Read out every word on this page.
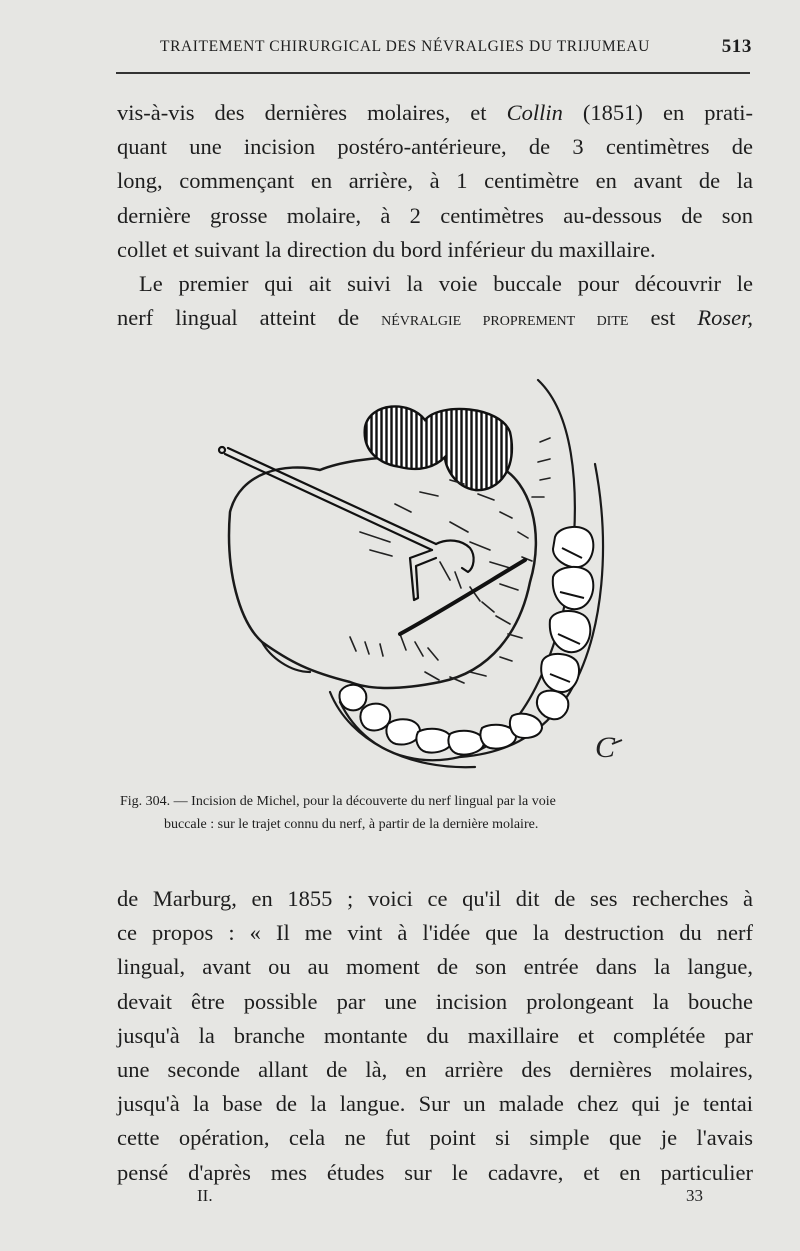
TRAITEMENT CHIRURGICAL DES NÉVRALGIES DU TRIJUMEAU	513
vis-à-vis des dernières molaires, et Collin (1851) en prati-
quant une incision postéro-antérieure, de 3 centimètres de
long, commençant en arrière, à 1 centimètre en avant de la
dernière grosse molaire, à 2 centimètres au-dessous de son
collet et suivant la direction du bord inférieur du maxillaire.
Le premier qui ait suivi la voie buccale pour découvrir le
nerf lingual atteint de névralgie proprement dite est Roser,
C
Fig. 304. — Incision de Michel, pour la découverte du nerf lingual par la voie
buccale : sur le trajet connu du nerf, à partir de la dernière molaire.
de Marburg, en 1855 ; voici ce qu'il dit de ses recherches à
ce propos : « Il me vint à l'idée que la destruction du nerf
lingual, avant ou au moment de son entrée dans la langue,
devait être possible par une incision prolongeant la bouche
jusqu'à la branche montante du maxillaire et complétée par
une seconde allant de là, en arrière des dernières molaires,
jusqu'à la base de la langue. Sur un malade chez qui je tentai
cette opération, cela ne fut point si simple que je l'avais
pensé d'après mes études sur le cadavre, et en particulier
II.	33
